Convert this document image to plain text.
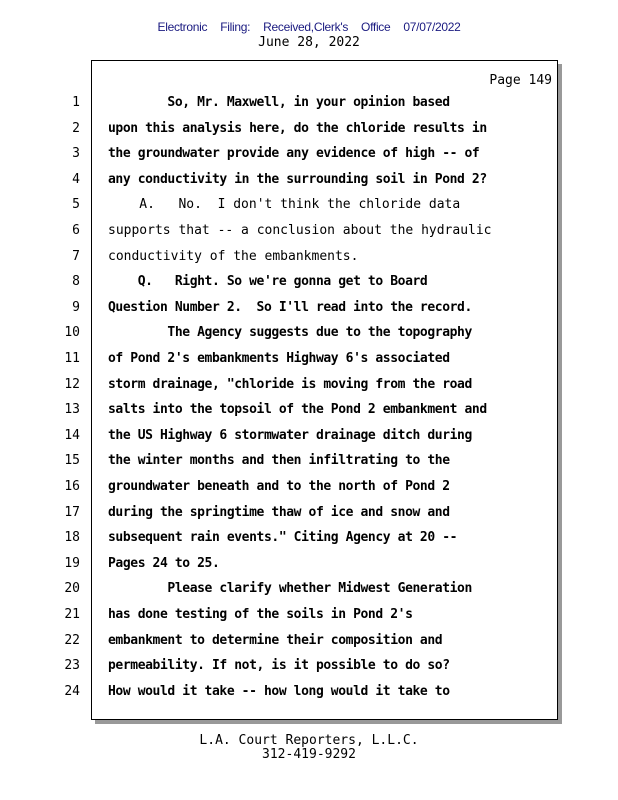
Electronic Filing: Received,Clerk's Office 07/07/2022
June 28, 2022
Page 149
1 So, Mr. Maxwell, in your opinion based
2 upon this analysis here, do the chloride results in
3 the groundwater provide any evidence of high -- of
4 any conductivity in the surrounding soil in Pond 2?
5 A.   No.  I don't think the chloride data
6 supports that -- a conclusion about the hydraulic
7 conductivity of the embankments.
8 Q.   Right. So we're gonna get to Board
9 Question Number 2.  So I'll read into the record.
10 The Agency suggests due to the topography
11 of Pond 2's embankments Highway 6's associated
12 storm drainage, "chloride is moving from the road
13 salts into the topsoil of the Pond 2 embankment and
14 the US Highway 6 stormwater drainage ditch during
15 the winter months and then infiltrating to the
16 groundwater beneath and to the north of Pond 2
17 during the springtime thaw of ice and snow and
18 subsequent rain events." Citing Agency at 20 --
19 Pages 24 to 25.
20 Please clarify whether Midwest Generation
21 has done testing of the soils in Pond 2's
22 embankment to determine their composition and
23 permeability. If not, is it possible to do so?
24 How would it take -- how long would it take to
L.A. Court Reporters, L.L.C.
312-419-9292
